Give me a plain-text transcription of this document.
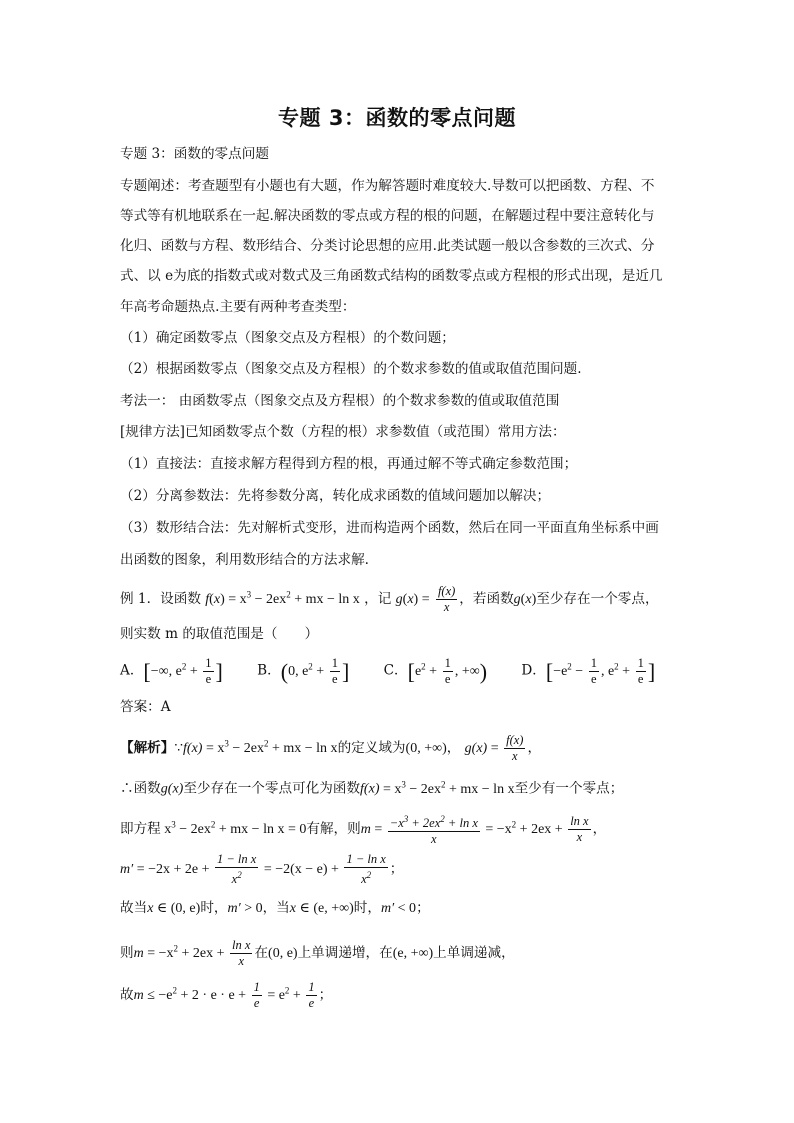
专题 3：函数的零点问题
专题 3：函数的零点问题
专题阐述：考查题型有小题也有大题，作为解答题时难度较大.导数可以把函数、方程、不
等式等有机地联系在一起.解决函数的零点或方程的根的问题，在解题过程中要注意转化与
化归、函数与方程、数形结合、分类讨论思想的应用.此类试题一般以含参数的三次式、分
式、以 e为底的指数式或对数式及三角函数式结构的函数零点或方程根的形式出现，是近几
年高考命题热点.主要有两种考查类型：
（1）确定函数零点（图象交点及方程根）的个数问题；
（2）根据函数零点（图象交点及方程根）的个数求参数的值或取值范围问题.
考法一： 由函数零点（图象交点及方程根）的个数求参数的值或取值范围
[规律方法]已知函数零点个数（方程的根）求参数值（或范围）常用方法：
（1）直接法：直接求解方程得到方程的根，再通过解不等式确定参数范围；
（2）分离参数法：先将参数分离，转化成求函数的值域问题加以解决；
（3）数形结合法：先对解析式变形，进而构造两个函数，然后在同一平面直角坐标系中画
出函数的图象，利用数形结合的方法求解.
例 1．设函数 $f(x) = x^3 - 2ex^2$ + mx − ln x ，记 $g(x) = \frac{f(x)}{x}$ ，若函数g(x)至少存在一个零点，
则实数 m 的取值范围是（　　）
A．[−∞, $e^2 + \frac{1}{e}$ ]	B．(0, $e^2 + \frac{1}{e}$ ]	C．[$e^2 + \frac{1}{e}$ , +∞)	D．[$-e^2 - \frac{1}{e}$ , $e^2 + \frac{1}{e}$ ]
答案：A
【解析】∵f(x) = $x^3 - 2ex^2$ + mx − ln x的定义域为(0, +∞)， $g(x) = \frac{f(x)}{x}$ ，
∴函数g(x)至少存在一个零点可化为函数$f(x) = x^3 - 2ex^2$ + mx − ln x至少有一个零点；
即方程 $x^3 - 2ex^2$ + mx − ln x = 0有解，则$m = \frac{-x^3 + 2ex^2 + \ln x}{x} = -x^2 + 2ex + \frac{\text{ln x}}{x}$ ，
$m' = -2x + 2e + \frac{\text{1 − ln x}}{x^2} = -2(x - e) + \frac{\text{1 − ln x}}{x^2}$ ；
故当x ∈ (0, e)时，m′ > 0，当x ∈ (e, +∞)时，m′ < 0；
则$m = -x^2 + 2ex + \frac{\text{ln x}}{x}$ 在(0, e)上单调递增，在(e, +∞)上单调递减，
故$m \le -e^2 + 2 \cdot e \cdot e + \frac{1}{e} = e^2 + \frac{1}{e}$ ；
